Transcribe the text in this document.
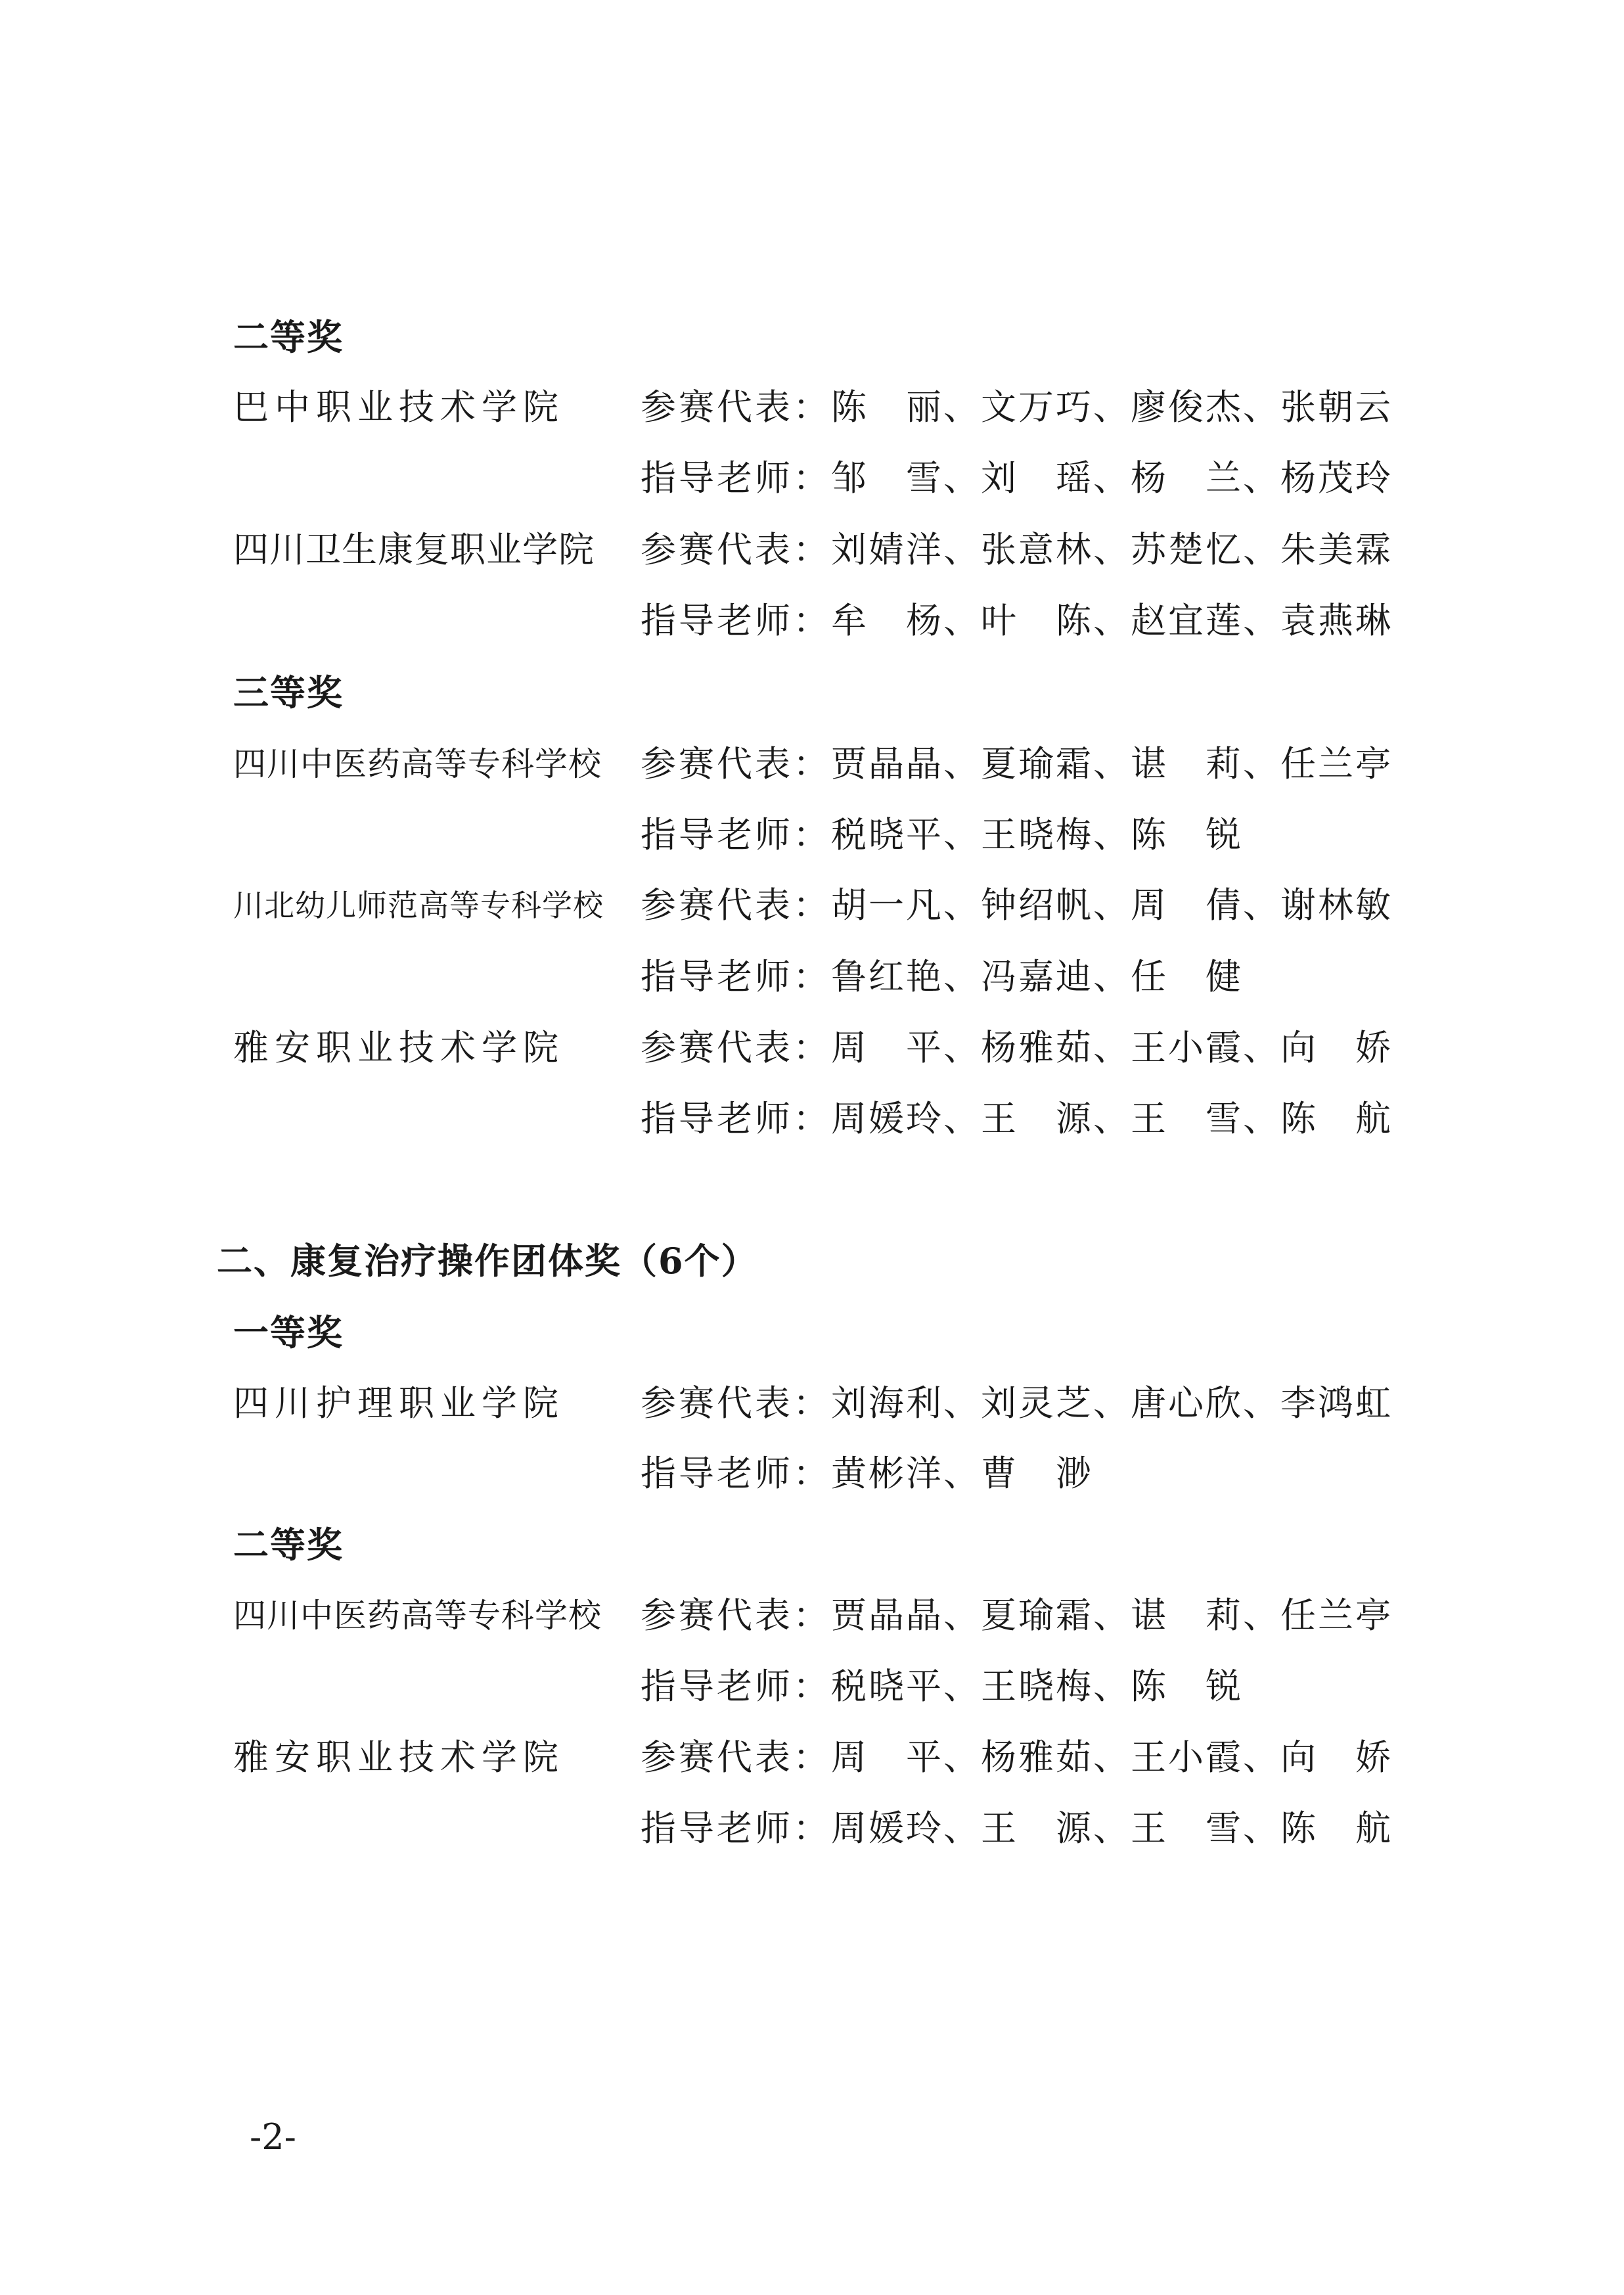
二等奖
巴中职业技术学院 参赛代表： 陈　丽、文万巧、廖俊杰、张朝云
指导老师： 邹　雪、刘　瑶、杨　兰、杨茂玲
四川卫生康复职业学院 参赛代表： 刘婧洋、张意林、苏楚忆、朱美霖
指导老师： 牟　杨、叶　陈、赵宜莲、袁燕琳
三等奖
四川中医药高等专科学校 参赛代表： 贾晶晶、夏瑜霜、谌　莉、任兰亭
指导老师： 税晓平、王晓梅、陈　锐
川北幼儿师范高等专科学校 参赛代表： 胡一凡、钟绍帆、周　倩、谢林敏
指导老师： 鲁红艳、冯嘉迪、任　健
雅安职业技术学院 参赛代表： 周　平、杨雅茹、王小霞、向　娇
指导老师： 周媛玲、王　源、王　雪、陈　航
二、康复治疗操作团体奖（6个）
一等奖
四川护理职业学院 参赛代表： 刘海利、刘灵芝、唐心欣、李鸿虹
指导老师： 黄彬洋、曹　渺
二等奖
四川中医药高等专科学校 参赛代表： 贾晶晶、夏瑜霜、谌　莉、任兰亭
指导老师： 税晓平、王晓梅、陈　锐
雅安职业技术学院 参赛代表： 周　平、杨雅茹、王小霞、向　娇
指导老师： 周媛玲、王　源、王　雪、陈　航
-2-
